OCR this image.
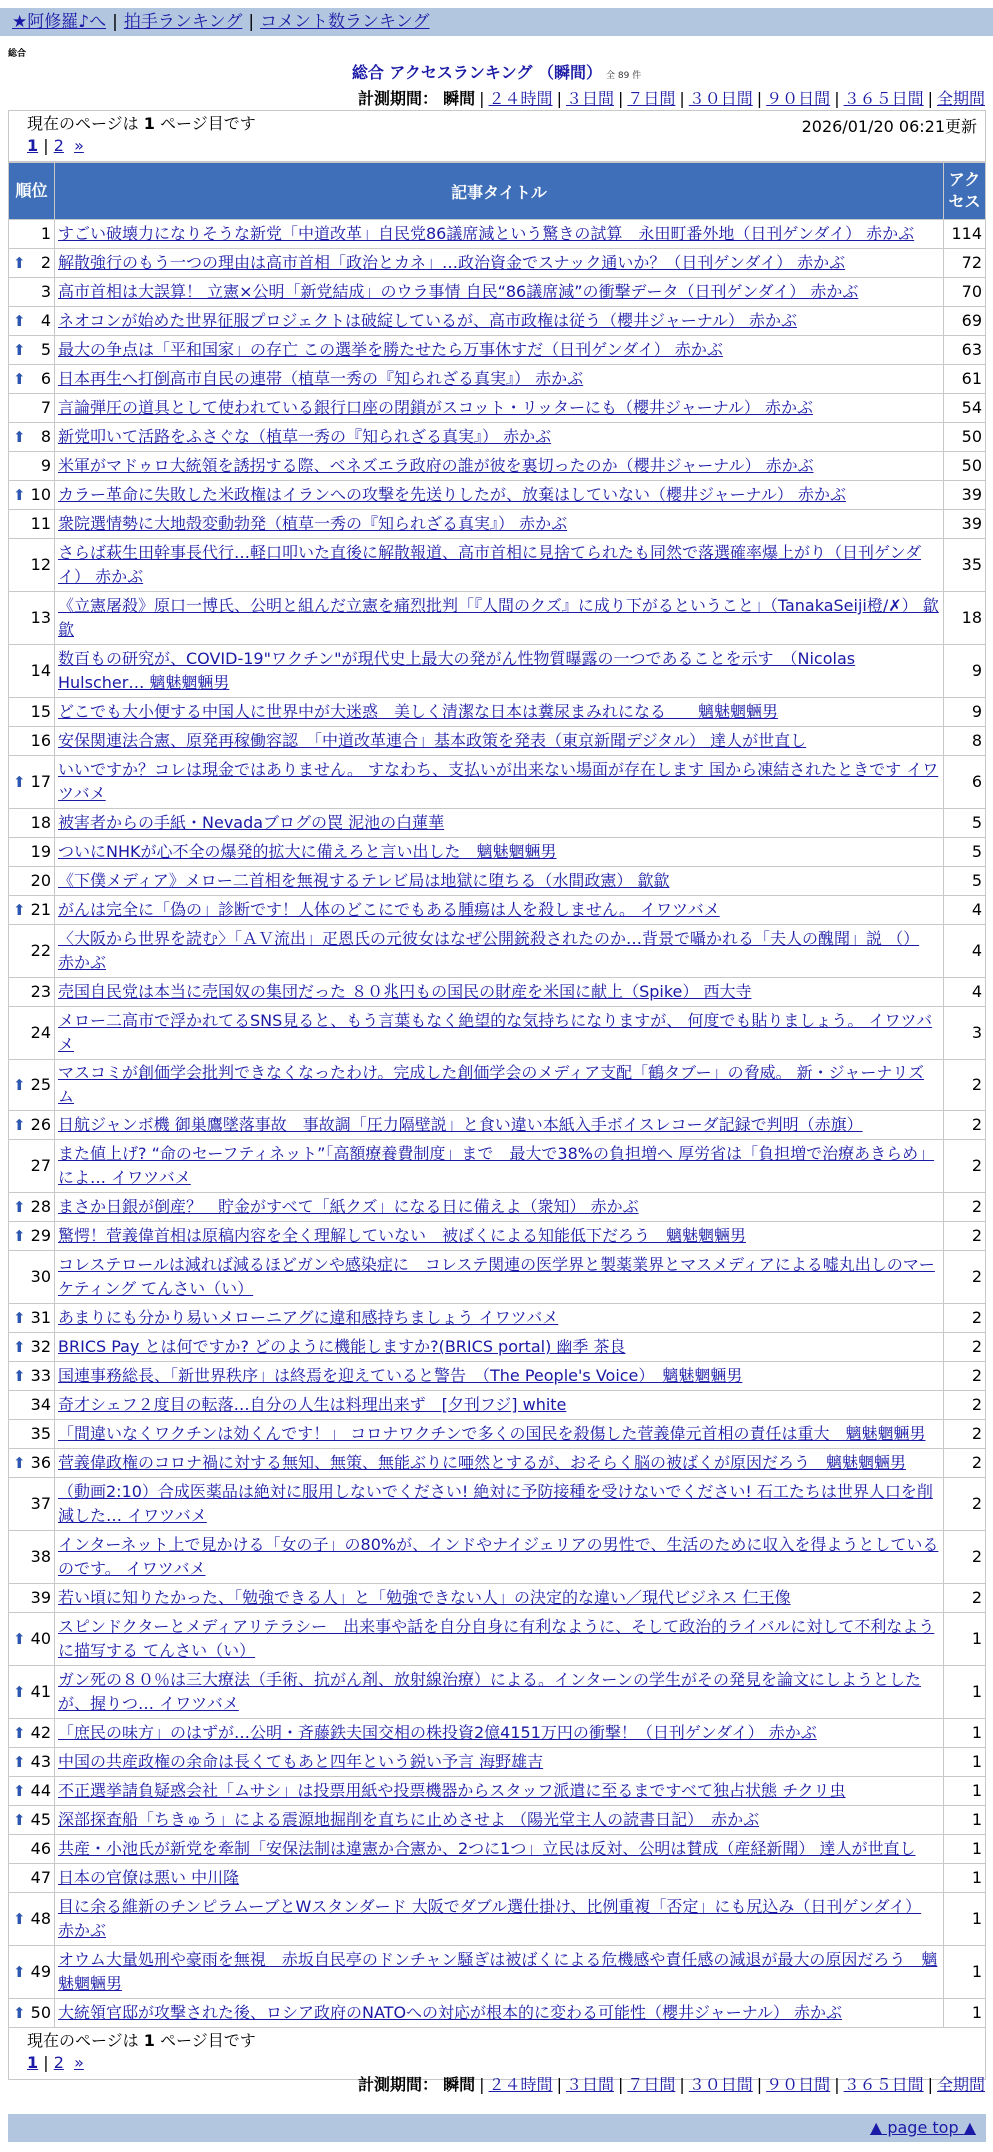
★阿修羅♪へ | 拍手ランキング | コメント数ランキング
総合
総合 アクセスランキング （瞬間） 全 89 件
計測期間： 瞬間 | ２４時間 | ３日間 | ７日間 | ３０日間 | ９０日間 | ３６５日間 | 全期間
現在のページは 1 ページ目です	2026/01/20 06:21更新
1 | 2 »
順位	記事タイトル	アクセス
1	すごい破壊力になりそうな新党「中道改革」自民党86議席減という驚きの試算　永田町番外地（日刊ゲンダイ） 赤かぶ	114

⬆ 2	解散強行のもう一つの理由は高市首相「政治とカネ」…政治資金でスナック通いか？（日刊ゲンダイ） 赤かぶ	72
3	高市首相は大誤算！ 立憲×公明「新党結成」のウラ事情 自民“86議席減”の衝撃データ（日刊ゲンダイ） 赤かぶ	70

⬆ 4	ネオコンが始めた世界征服プロジェクトは破綻しているが、高市政権は従う（櫻井ジャーナル） 赤かぶ	69

⬆ 5	最大の争点は「平和国家」の存亡 この選挙を勝たせたら万事休すだ（日刊ゲンダイ） 赤かぶ	63

⬆ 6	日本再生へ打倒高市自民の連帯（植草一秀の『知られざる真実』） 赤かぶ	61
7	言論弾圧の道具として使われている銀行口座の閉鎖がスコット・リッターにも（櫻井ジャーナル） 赤かぶ	54

⬆ 8	新党叩いて活路をふさぐな（植草一秀の『知られざる真実』） 赤かぶ	50
9	米軍がマドゥロ大統領を誘拐する際、ベネズエラ政府の誰が彼を裏切ったのか（櫻井ジャーナル） 赤かぶ	50

⬆ 10	カラー革命に失敗した米政権はイランへの攻撃を先送りしたが、放棄はしていない（櫻井ジャーナル） 赤かぶ	39
11	衆院選情勢に大地殻変動勃発（植草一秀の『知られざる真実』） 赤かぶ	39
12	さらば萩生田幹事長代行…軽口叩いた直後に解散報道、高市首相に見捨てられたも同然で落選確率爆上がり（日刊ゲンダイ） 赤かぶ	35
13	《立憲屠殺》原口一博氏、公明と組んだ立憲を痛烈批判「『人間のクズ』に成り下がるということ」（TanakaSeiji橙/✗） 歙歙	18
14	数百もの研究が、COVID-19"ワクチン"が現代史上最大の発がん性物質曝露の一つであることを示す　（Nicolas Hulscher… 魑魅魍魎男	9
15	どこでも大小便する中国人に世界中が大迷惑　美しく清潔な日本は糞尿まみれになる　　魑魅魍魎男	9
16	安保関連法合憲、原発再稼働容認　「中道改革連合」基本政策を発表（東京新聞デジタル） 達人が世直し	8

⬆ 17	いいですか？コレは現金ではありません。 すなわち、支払いが出来ない場面が存在します 国から凍結されたときです イワツバメ	6
18	被害者からの手紙・Nevadaブログの罠 泥池の白蓮華	5
19	ついにNHKが心不全の爆発的拡大に備えろと言い出した　魑魅魍魎男	5
20	《下僕メディア》メロー二首相を無視するテレビ局は地獄に堕ちる（水間政憲） 歙歙	5

⬆ 21	がんは完全に「偽の」診断です！人体のどこにでもある腫瘍は人を殺しません。 イワツバメ	4
22	〈大阪から世界を読む〉「ＡＶ流出」疋恩氏の元彼女はなぜ公開銃殺されたのか…背景で囁かれる「夫人の醜聞」説 （） 赤かぶ	4
23	売国自民党は本当に売国奴の集団だった ８０兆円もの国民の財産を米国に献上（Spike） 西大寺	4
24	メロー二高市で浮かれてるSNS見ると、もう言葉もなく絶望的な気持ちになりますが、 何度でも貼りましょう。 イワツバメ	3

⬆ 25	マスコミが創価学会批判できなくなったわけ。完成した創価学会のメディア支配「鶴タブー」の脅威。 新・ジャーナリズム	2

⬆ 26	日航ジャンボ機 御巣鷹墜落事故　事故調「圧力隔壁説」と食い違い本紙入手ボイスレコーダ記録で判明（赤旗）	2
27	また値上げ? “命のセーフティネット”「高額療養費制度」まで　最大で38%の負担増へ 厚労省は「負担増で治療あきらめ」によ… イワツバメ	2

⬆ 28	まさか日銀が倒産？　貯金がすべて「紙クズ」になる日に備えよ（衆知） 赤かぶ	2

⬆ 29	驚愕！菅義偉首相は原稿内容を全く理解していない　被ばくによる知能低下だろう　魑魅魍魎男	2
30	コレステロールは減れば減るほどガンや感染症に　コレステ関連の医学界と製薬業界とマスメディアによる嘘丸出しのマーケティング てんさい（い）	2

⬆ 31	あまりにも分かり易いメローニアグに違和感持ちましょう イワツバメ	2

⬆ 32	BRICS Pay とは何ですか? どのように機能しますか?(BRICS portal) 幽季 茶良	2

⬆ 33	国連事務総長、「新世界秩序」は終焉を迎えていると警告　（The People's Voice）　魑魅魍魎男	2
34	奇才シェフ２度目の転落…自分の人生は料理出来ず　[夕刊フジ] white	2
35	「間違いなくワクチンは効くんです！」 コロナワクチンで多くの国民を殺傷した菅義偉元首相の責任は重大　魑魅魍魎男	2

⬆ 36	菅義偉政権のコロナ禍に対する無知、無策、無能ぶりに唖然とするが、おそらく脳の被ばくが原因だろう　魑魅魍魎男	2
37	（動画2:10）合成医薬品は絶対に服用しないでください! 絶対に予防接種を受けないでください! 石工たちは世界人口を削減した… イワツバメ	2
38	インターネット上で見かける「女の子」の80%が、インドやナイジェリアの男性で、生活のために収入を得ようとしているのです。 イワツバメ	2
39	若い頃に知りたかった、「勉強できる人」と「勉強できない人」の決定的な違い／現代ビジネス 仁王像	2

⬆ 40	スピンドクターとメディアリテラシー　出来事や話を自分自身に有利なように、そして政治的ライバルに対して不利なように描写する てんさい（い）	1

⬆ 41	ガン死の８０％は三大療法（手術、抗がん剤、放射線治療）による。インターンの学生がその発見を論文にしようとしたが、握りつ… イワツバメ	1

⬆ 42	「庶民の味方」のはずが…公明・斉藤鉄夫国交相の株投資2億4151万円の衝撃！（日刊ゲンダイ） 赤かぶ	1

⬆ 43	中国の共産政権の余命は長くてもあと四年という鋭い予言 海野雄吉	1

⬆ 44	不正選挙請負疑惑会社「ムサシ」は投票用紙や投票機器からスタッフ派遣に至るまですべて独占状態 チクリ虫	1

⬆ 45	深部探査船「ちきゅう」による震源地掘削を直ちに止めさせよ （陽光堂主人の読書日記）　赤かぶ	1
46	共産・小池氏が新党を牽制「安保法制は違憲か合憲か、2つに1つ」立民は反対、公明は賛成（産経新聞） 達人が世直し	1
47	日本の官僚は悪い 中川隆	1

⬆ 48	目に余る維新のチンピラムーブとWスタンダード 大阪でダブル選仕掛け、比例重複「否定」にも尻込み（日刊ゲンダイ） 赤かぶ	1

⬆ 49	オウム大量処刑や豪雨を無視　赤坂自民亭のドンチャン騒ぎは被ばくによる危機感や責任感の減退が最大の原因だろう　魑魅魍魎男	1

⬆ 50	大統領官邸が攻撃された後、ロシア政府のNATOへの対応が根本的に変わる可能性（櫻井ジャーナル） 赤かぶ	1
現在のページは 1 ページ目です
1 | 2 »
計測期間： 瞬間 | ２４時間 | ３日間 | ７日間 | ３０日間 | ９０日間 | ３６５日間 | 全期間
▲ page top ▲
